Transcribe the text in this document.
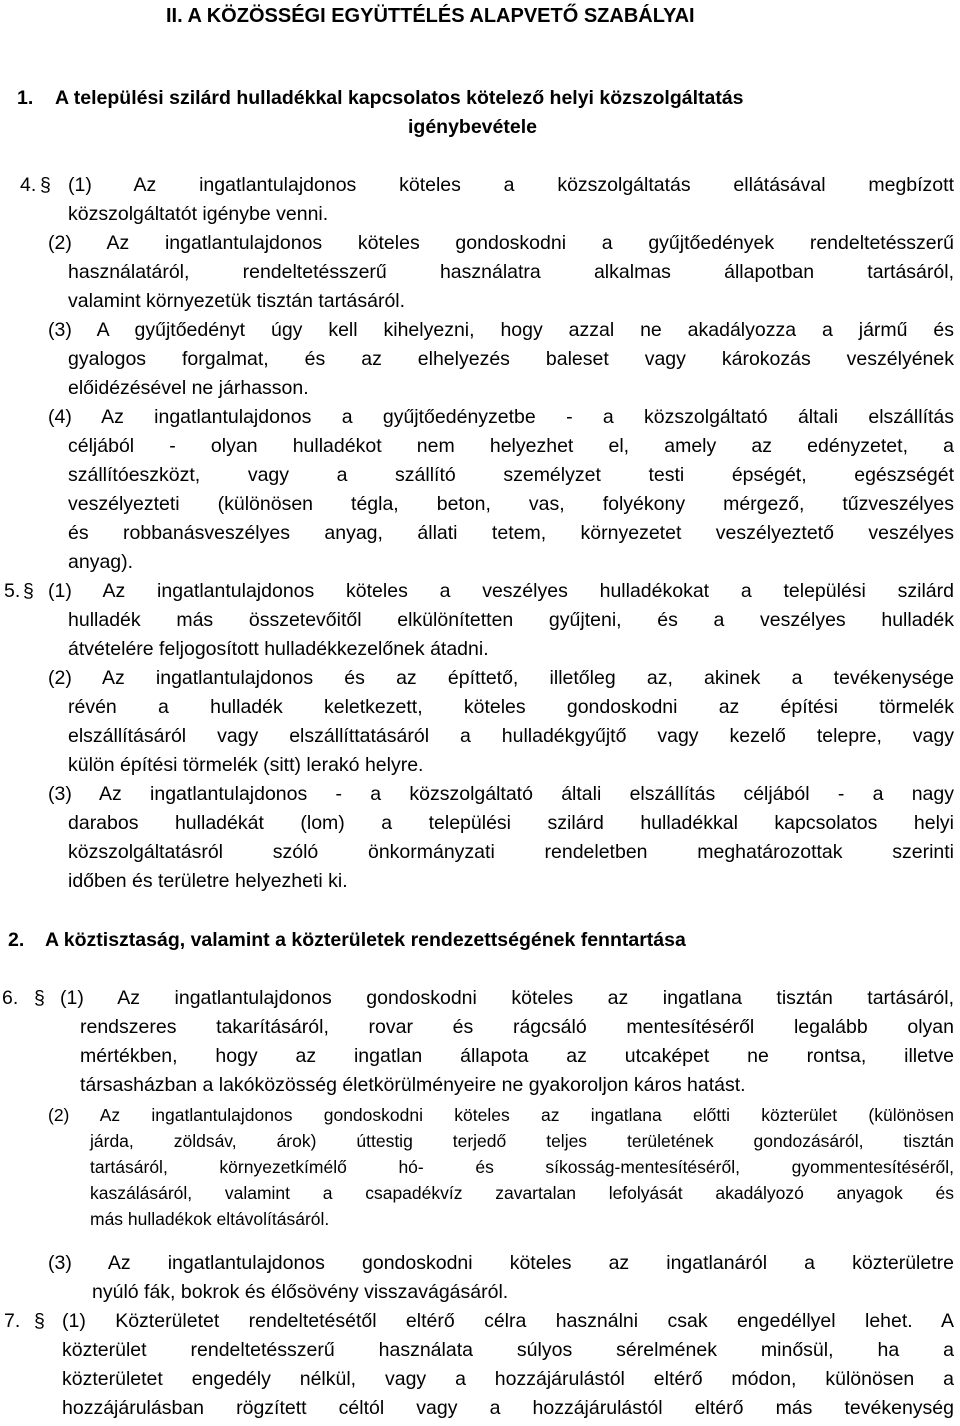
II. A KÖZÖSSÉGI EGYÜTTÉLÉS ALAPVETŐ SZABÁLYAI
1. A települési szilárd hulladékkal kapcsolatos kötelező helyi közszolgáltatás
igénybevétele
4. § (1) Az ingatlantulajdonos köteles a közszolgáltatás ellátásával megbízott
közszolgáltatót igénybe venni.
(2) Az ingatlantulajdonos köteles gondoskodni a gyűjtőedények rendeltetésszerű
használatáról, rendeltetésszerű használatra alkalmas állapotban tartásáról,
valamint környezetük tisztán tartásáról.
(3) A gyűjtőedényt úgy kell kihelyezni, hogy azzal ne akadályozza a jármű és
gyalogos forgalmat, és az elhelyezés baleset vagy károkozás veszélyének
előidézésével ne járhasson.
(4) Az ingatlantulajdonos a gyűjtőedényzetbe - a közszolgáltató általi elszállítás
céljából - olyan hulladékot nem helyezhet el, amely az edényzetet, a
szállítóeszközt, vagy a szállító személyzet testi épségét, egészségét
veszélyezteti (különösen tégla, beton, vas, folyékony mérgező, tűzveszélyes
és robbanásveszélyes anyag, állati tetem, környezetet veszélyeztető veszélyes
anyag).
5. § (1) Az ingatlantulajdonos köteles a veszélyes hulladékokat a települési szilárd
hulladék más összetevőitől elkülönítetten gyűjteni, és a veszélyes hulladék
átvételére feljogosított hulladékkezelőnek átadni.
(2) Az ingatlantulajdonos és az építtető, illetőleg az, akinek a tevékenysége
révén a hulladék keletkezett, köteles gondoskodni az építési törmelék
elszállításáról vagy elszállíttatásáról a hulladékgyűjtő vagy kezelő telepre, vagy
külön építési törmelék (sitt) lerakó helyre.
(3) Az ingatlantulajdonos - a közszolgáltató általi elszállítás céljából - a nagy
darabos hulladékát (lom) a települési szilárd hulladékkal kapcsolatos helyi
közszolgáltatásról szóló önkormányzati rendeletben meghatározottak szerinti
időben és területre helyezheti ki.
2. A köztisztaság, valamint a közterületek rendezettségének fenntartása
6. § (1) Az ingatlantulajdonos gondoskodni köteles az ingatlana tisztán tartásáról,
rendszeres takarításáról, rovar és rágcsáló mentesítéséről legalább olyan
mértékben, hogy az ingatlan állapota az utcaképet ne rontsa, illetve
társasházban a lakóközösség életkörülményeire ne gyakoroljon káros hatást.
(2) Az ingatlantulajdonos gondoskodni köteles az ingatlana előtti közterület (különösen
járda, zöldsáv, árok) úttestig terjedő teljes területének gondozásáról, tisztán
tartásáról, környezetkímélő hó- és síkosság-mentesítéséről, gyommentesítéséről,
kaszálásáról, valamint a csapadékvíz zavartalan lefolyását akadályozó anyagok és
más hulladékok eltávolításáról.
(3) Az ingatlantulajdonos gondoskodni köteles az ingatlanáról a közterületre
nyúló fák, bokrok és élősövény visszavágásáról.
7. § (1) Közterületet rendeltetésétől eltérő célra használni csak engedéllyel lehet. A
közterület rendeltetésszerű használata súlyos sérelmének minősül, ha a
közterületet engedély nélkül, vagy a hozzájárulástól eltérő módon, különösen a
hozzájárulásban rögzített céltól vagy a hozzájárulástól eltérő más tevékenység
